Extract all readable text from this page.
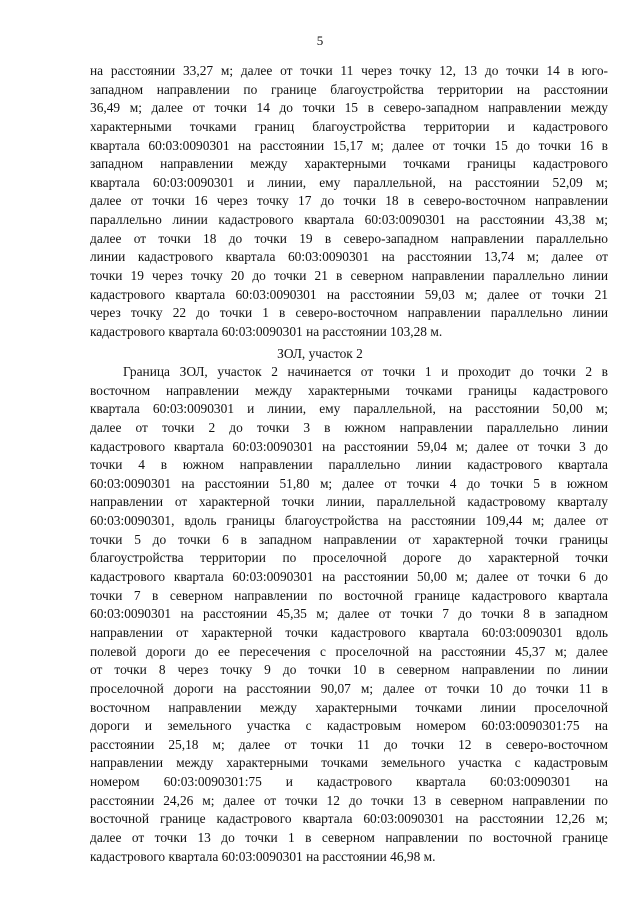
5
на расстоянии 33,27 м; далее от точки 11 через точку 12, 13 до точки 14 в юго-
западном направлении по границе благоустройства территории на расстоянии
36,49 м; далее от точки 14 до точки 15 в северо-западном направлении между
характерными точками границ благоустройства территории и кадастрового
квартала 60:03:0090301 на расстоянии 15,17 м; далее от точки 15 до точки 16 в
западном направлении между характерными точками границы кадастрового
квартала 60:03:0090301 и линии, ему параллельной, на расстоянии 52,09 м;
далее от точки 16 через точку 17 до точки 18 в северо-восточном направлении
параллельно линии кадастрового квартала 60:03:0090301 на расстоянии 43,38 м;
далее от точки 18 до точки 19 в северо-западном направлении параллельно
линии кадастрового квартала 60:03:0090301 на расстоянии 13,74 м; далее от
точки 19 через точку 20 до точки 21 в северном направлении параллельно линии
кадастрового квартала 60:03:0090301 на расстоянии 59,03 м; далее от точки 21
через точку 22 до точки 1 в северо-восточном направлении параллельно линии
кадастрового квартала 60:03:0090301 на расстоянии 103,28 м.
ЗОЛ, участок 2
Граница ЗОЛ, участок 2 начинается от точки 1 и проходит до точки 2 в
восточном направлении между характерными точками границы кадастрового
квартала 60:03:0090301 и линии, ему параллельной, на расстоянии 50,00 м;
далее от точки 2 до точки 3 в южном направлении параллельно линии
кадастрового квартала 60:03:0090301 на расстоянии 59,04 м; далее от точки 3 до
точки 4 в южном направлении параллельно линии кадастрового квартала
60:03:0090301 на расстоянии 51,80 м; далее от точки 4 до точки 5 в южном
направлении от характерной точки линии, параллельной кадастровому кварталу
60:03:0090301, вдоль границы благоустройства на расстоянии 109,44 м; далее от
точки 5 до точки 6 в западном направлении от характерной точки границы
благоустройства территории по проселочной дороге до характерной точки
кадастрового квартала 60:03:0090301 на расстоянии 50,00 м; далее от точки 6 до
точки 7 в северном направлении по восточной границе кадастрового квартала
60:03:0090301 на расстоянии 45,35 м; далее от точки 7 до точки 8 в западном
направлении от характерной точки кадастрового квартала 60:03:0090301 вдоль
полевой дороги до ее пересечения с проселочной на расстоянии 45,37 м; далее
от точки 8 через точку 9 до точки 10 в северном направлении по линии
проселочной дороги на расстоянии 90,07 м; далее от точки 10 до точки 11 в
восточном направлении между характерными точками линии проселочной
дороги и земельного участка с кадастровым номером 60:03:0090301:75 на
расстоянии 25,18 м; далее от точки 11 до точки 12 в северо-восточном
направлении между характерными точками земельного участка с кадастровым
номером 60:03:0090301:75 и кадастрового квартала 60:03:0090301 на
расстоянии 24,26 м; далее от точки 12 до точки 13 в северном направлении по
восточной границе кадастрового квартала 60:03:0090301 на расстоянии 12,26 м;
далее от точки 13 до точки 1 в северном направлении по восточной границе
кадастрового квартала 60:03:0090301 на расстоянии 46,98 м.
